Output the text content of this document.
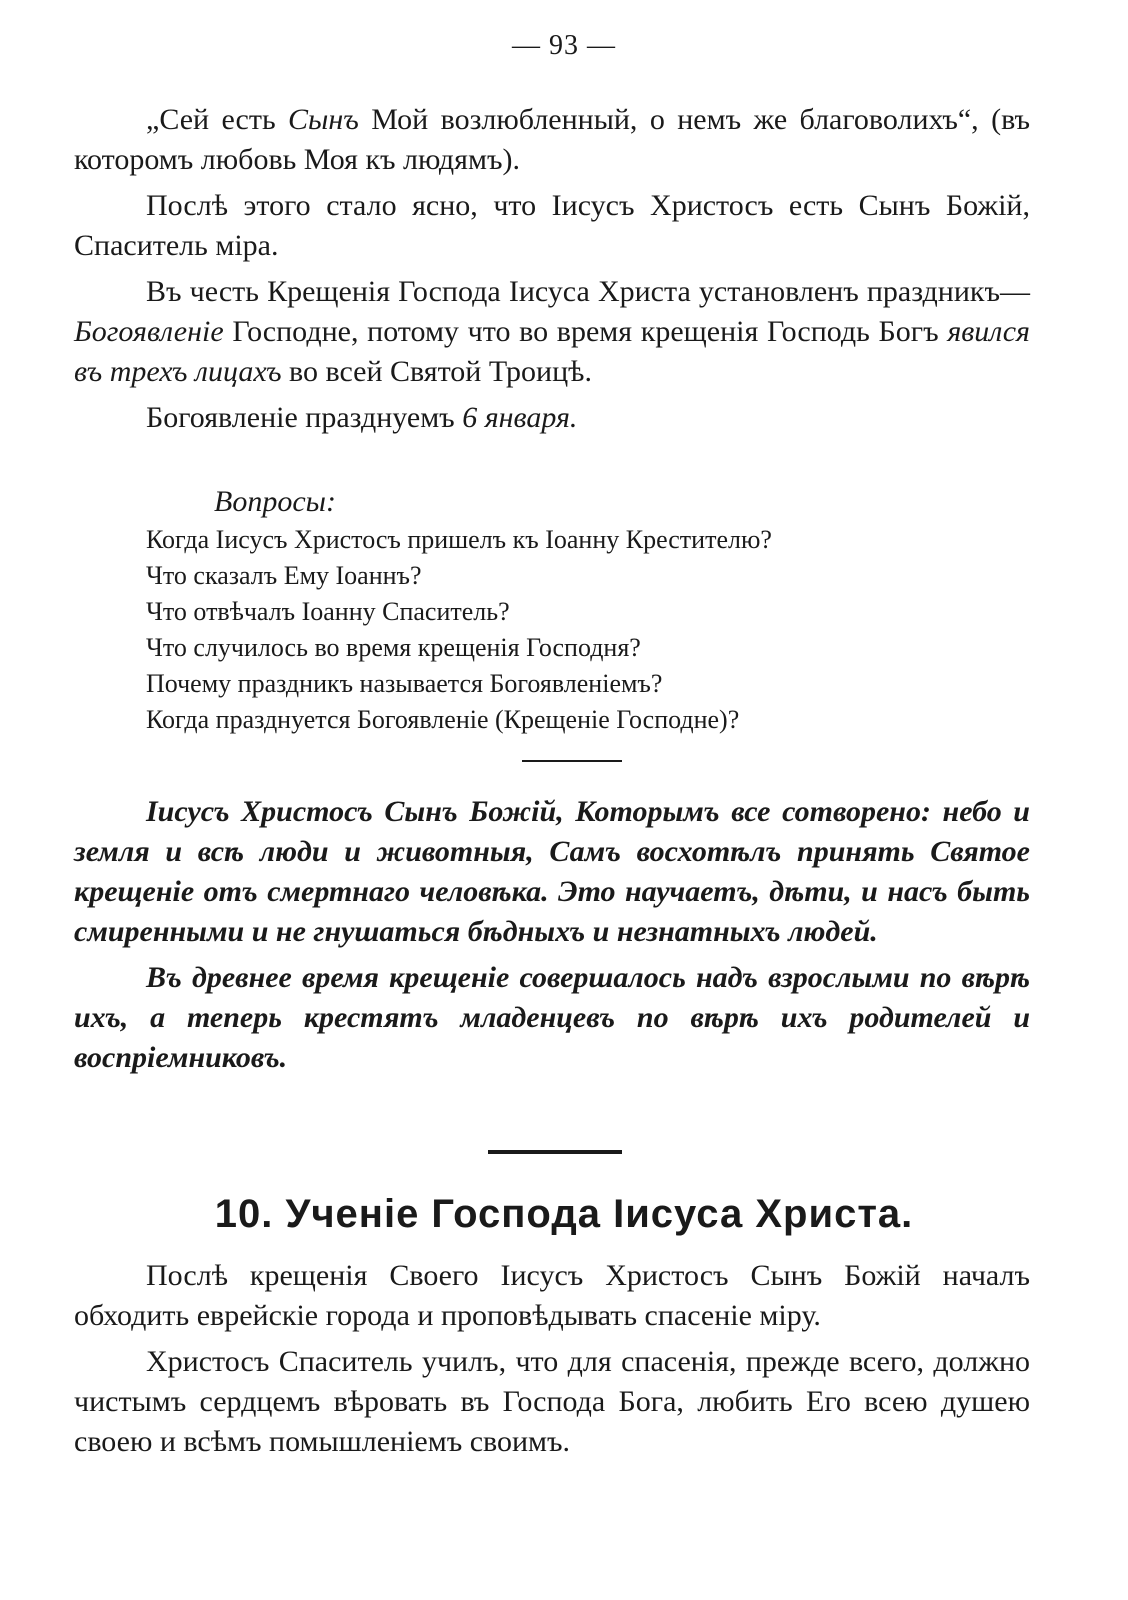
— 93 —

„Сей есть Сынъ Мой возлюбленный, о немъ же благоволихъ“, (въ которомъ любовь Моя къ людямъ).

Послѣ этого стало ясно, что Іисусъ Христосъ есть Сынъ Божій, Спаситель міра.

Въ честь Крещенія Господа Іисуса Христа установленъ праздникъ—Богоявленіе Господне, потому что во время крещенія Господь Богъ явился въ трехъ лицахъ во всей Святой Троицѣ.

Богоявленіе празднуемъ 6 января.

Вопросы:
Когда Іисусъ Христосъ пришелъ къ Іоанну Крестителю?
Что сказалъ Ему Іоаннъ?
Что отвѣчалъ Іоанну Спаситель?
Что случилось во время крещенія Господня?
Почему праздникъ называется Богоявленіемъ?
Когда празднуется Богоявленіе (Крещеніе Господне)?

Іисусъ Христосъ Сынъ Божій, Которымъ все сотворено: небо и земля и всѣ люди и животныя, Самъ восхотѣлъ принять Святое крещеніе отъ смертнаго человѣка. Это научаетъ, дѣти, и насъ быть смиренными и не гнушаться бѣдныхъ и незнатныхъ людей.

Въ древнее время крещеніе совершалось надъ взрослыми по вѣрѣ ихъ, а теперь крестятъ младенцевъ по вѣрѣ ихъ родителей и воспріемниковъ.

10. Ученіе Господа Іисуса Христа.

Послѣ крещенія Своего Іисусъ Христосъ Сынъ Божій началъ обходить еврейскіе города и проповѣдывать спасеніе міру.

Христосъ Спаситель училъ, что для спасенія, прежде всего, должно чистымъ сердцемъ вѣровать въ Господа Бога, любить Его всею душею своею и всѣмъ помышленіемъ своимъ.
